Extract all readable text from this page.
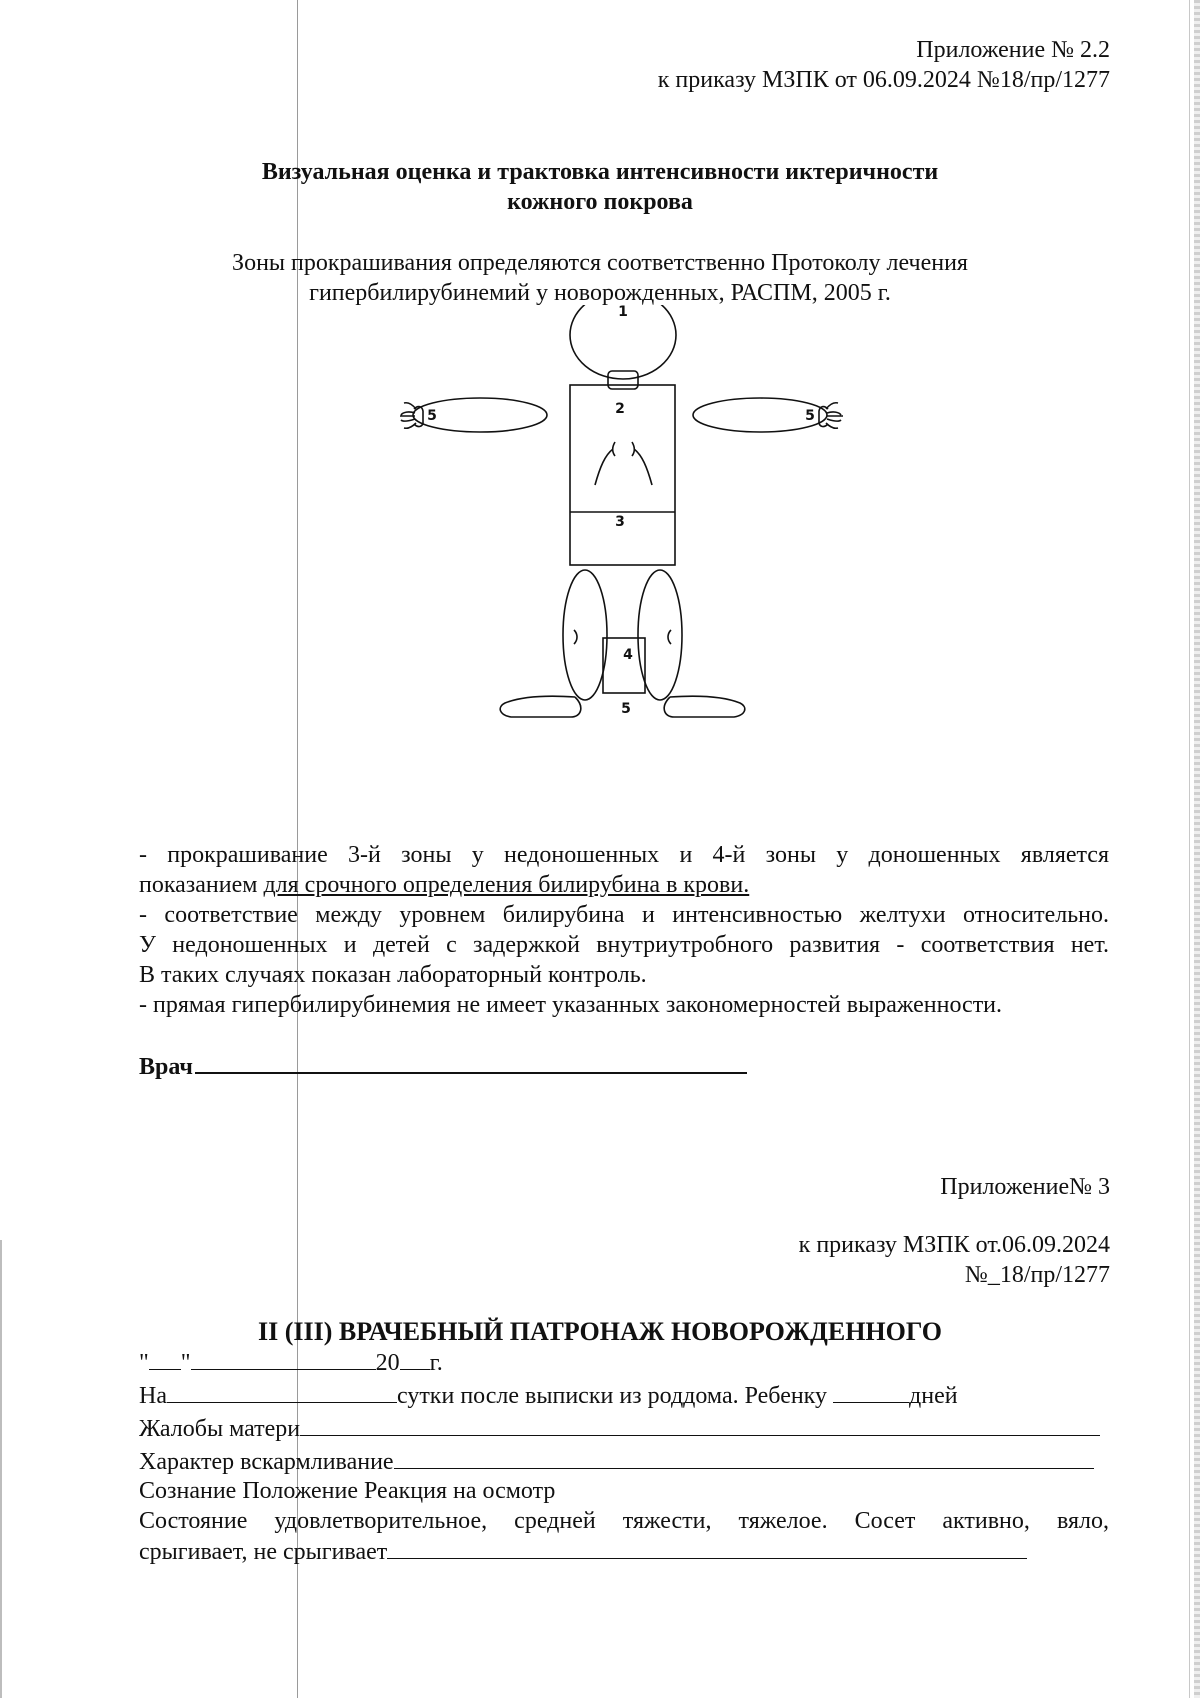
Приложение № 2.2
к приказу МЗПК от 06.09.2024 №18/пр/1277
Визуальная оценка и трактовка интенсивности иктеричности
кожного покрова
Зоны прокрашивания определяются соответственно Протоколу лечения
гипербилирубинемий у новорожденных, РАСПМ, 2005 г.
1
2
3
4
5
5	5
- прокрашивание 3-й зоны у недоношенных и 4-й зоны у доношенных является
показанием для срочного определения билирубина в крови.
- соответствие между уровнем билирубина и интенсивностью желтухи относительно.
У недоношенных и детей с задержкой внутриутробного развития - соответствия нет.
В таких случаях показан лабораторный контроль.
- прямая гипербилирубинемия не имеет указанных закономерностей выраженности.
Врач
Приложение№ 3
к приказу МЗПК от.06.09.2024
№_18/пр/1277
II (III) ВРАЧЕБНЫЙ ПАТРОНАЖ НОВОРОЖДЕННОГО
" "	20 г.
На	сутки после выписки из роддома. Ребенку	дней
Жалобы матери
Характер вскармливание
Сознание Положение Реакция на осмотр
Состояние удовлетворительное, средней тяжести, тяжелое. Сосет активно, вяло,
срыгивает, не срыгивает
